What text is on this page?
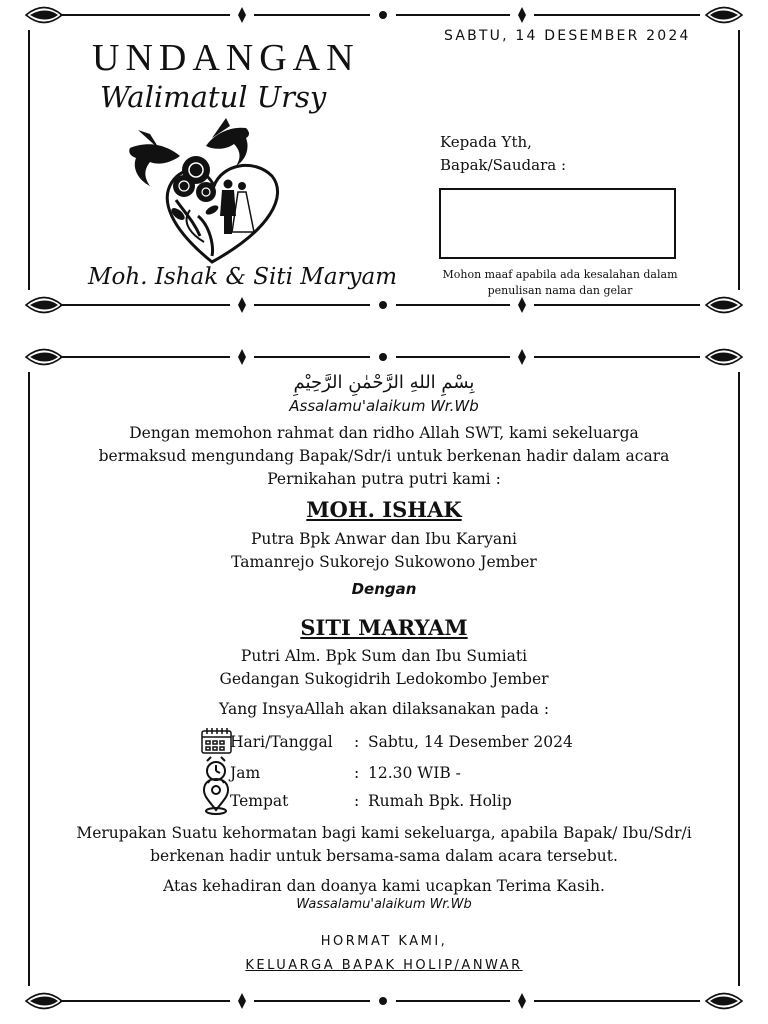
UNDANGAN
Walimatul Ursy
Moh. Ishak & Siti Maryam
SABTU, 14 DESEMBER 2024
Kepada Yth,
Bapak/Saudara :
Mohon maaf apabila ada kesalahan dalam
penulisan nama dan gelar
بِسْمِ اللهِ الرَّحْمٰنِ الرَّحِيْمِ
Assalamu'alaikum Wr.Wb
Dengan memohon rahmat dan ridho Allah SWT, kami sekeluarga
bermaksud mengundang Bapak/Sdr/i untuk berkenan hadir dalam acara
Pernikahan putra putri kami :
MOH. ISHAK
Putra Bpk Anwar dan Ibu Karyani
Tamanrejo Sukorejo Sukowono Jember
Dengan
SITI MARYAM
Putri Alm. Bpk Sum dan Ibu Sumiati
Gedangan Sukogidrih Ledokombo Jember
Yang InsyaAllah akan dilaksanakan pada :
Hari/Tanggal	: Sabtu, 14 Desember 2024
Jam	: 12.30 WIB -
Tempat	: Rumah Bpk. Holip
Merupakan Suatu kehormatan bagi kami sekeluarga, apabila Bapak/ Ibu/Sdr/i
berkenan hadir untuk bersama-sama dalam acara tersebut.
Atas kehadiran dan doanya kami ucapkan Terima Kasih.
Wassalamu'alaikum Wr.Wb
HORMAT KAMI,
KELUARGA BAPAK HOLIP/ANWAR
